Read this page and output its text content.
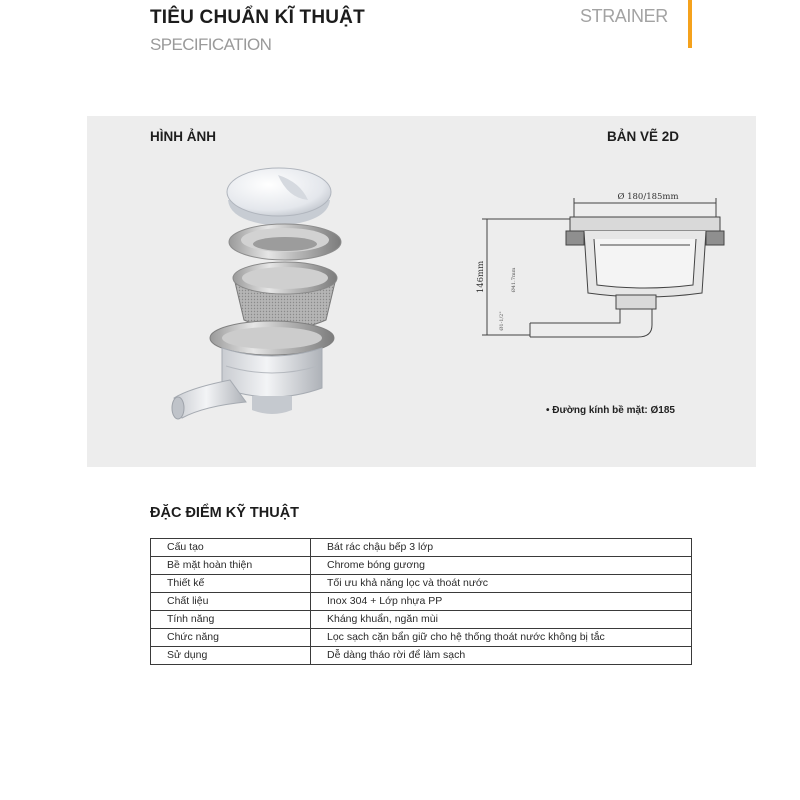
TIÊU CHUẨN KĨ THUẬT
SPECIFICATION
STRAINER
HÌNH ẢNH	BẢN VẼ 2D
Ø 180/185mm
146mm	Ø41.7mm
Ø1-1/2"
• Đường kính bề mặt: Ø185
ĐẶC ĐIỂM KỸ THUẬT
Cấu tạo	Bát rác chậu bếp 3 lớp
Bề mặt hoàn thiện	Chrome bóng gương
Thiết kế	Tối ưu khả năng lọc và thoát nước
Chất liệu	Inox 304 + Lớp nhựa PP
Tính năng	Kháng khuẩn, ngăn mùi
Chức năng	Lọc sạch cặn bẩn giữ cho hệ thống thoát nước không bị tắc
Sử dụng	Dễ dàng tháo rời để làm sạch
